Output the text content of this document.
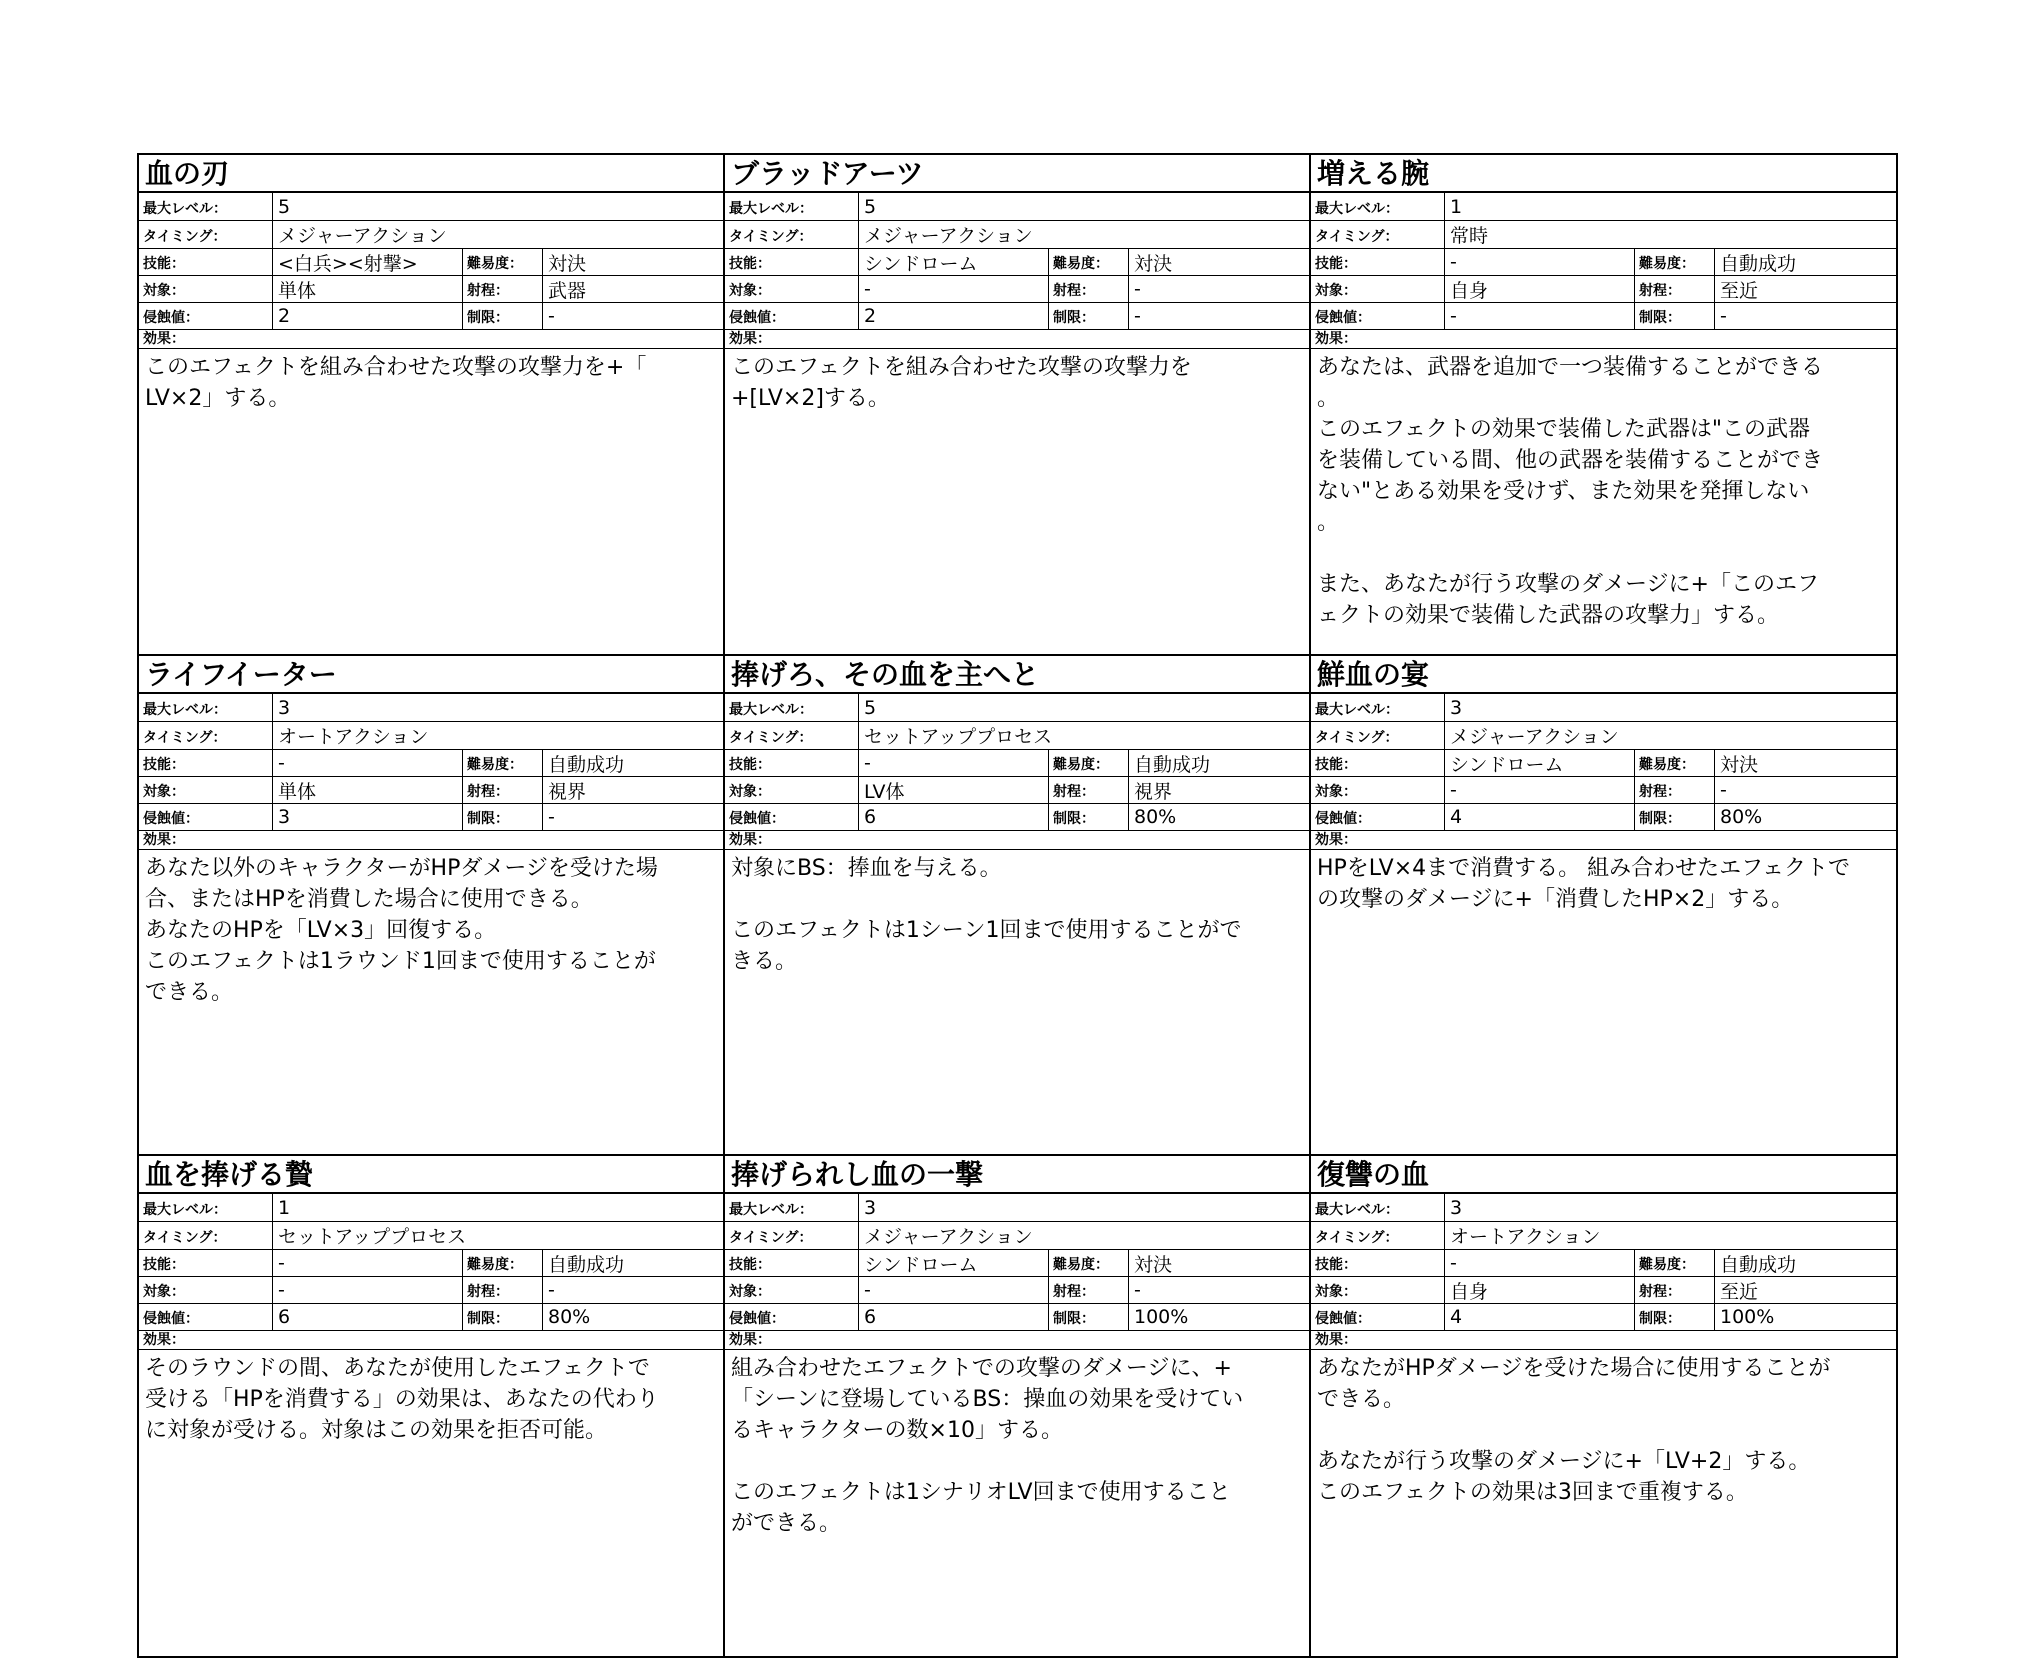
血の刃
最大レベル：	5
タイミング：	メジャーアクション
技能：	<白兵><射撃>	難易度：	対決
対象：	単体	射程：	武器
侵蝕値：	2	制限：	-
効果：

このエフェクトを組み合わせた攻撃の攻撃力を+「

LV×2」する。

ブラッドアーツ
最大レベル：	5
タイミング：	メジャーアクション
技能：	シンドローム	難易度：	対決
対象：	-	射程：	-
侵蝕値：	2	制限：	-
効果：

このエフェクトを組み合わせた攻撃の攻撃力を

+[LV×2]する。

増える腕
最大レベル：	1
タイミング：	常時
技能：	-	難易度：	自動成功
対象：	自身	射程：	至近
侵蝕値：	-	制限：	-
効果：

あなたは、武器を追加で一つ装備することができる

。

このエフェクトの効果で装備した武器は"この武器

を装備している間、他の武器を装備することができ

ない"とある効果を受けず、また効果を発揮しない

。

また、あなたが行う攻撃のダメージに+「このエフ

ェクトの効果で装備した武器の攻撃力」する。

ライフイーター
最大レベル：	3
タイミング：	オートアクション
技能：	-	難易度：	自動成功
対象：	単体	射程：	視界
侵蝕値：	3	制限：	-
効果：

あなた以外のキャラクターがHPダメージを受けた場

合、またはHPを消費した場合に使用できる。

あなたのHPを「LV×3」回復する。

このエフェクトは1ラウンド1回まで使用することが

できる。

捧げろ、その血を主へと
最大レベル：	5
タイミング：	セットアッププロセス
技能：	-	難易度：	自動成功
対象：	LV体	射程：	視界
侵蝕値：	6	制限：	80%
効果：

対象にBS：捧血を与える。

このエフェクトは1シーン1回まで使用することがで

きる。

鮮血の宴
最大レベル：	3
タイミング：	メジャーアクション
技能：	シンドローム	難易度：	対決
対象：	-	射程：	-
侵蝕値：	4	制限：	80%
効果：

HPをLV×4まで消費する。 組み合わせたエフェクトで

の攻撃のダメージに+「消費したHP×2」する。

血を捧げる贄
最大レベル：	1
タイミング：	セットアッププロセス
技能：	-	難易度：	自動成功
対象：	-	射程：	-
侵蝕値：	6	制限：	80%
効果：

そのラウンドの間、あなたが使用したエフェクトで

受ける「HPを消費する」の効果は、あなたの代わり

に対象が受ける。対象はこの効果を拒否可能。

捧げられし血の一撃
最大レベル：	3
タイミング：	メジャーアクション
技能：	シンドローム	難易度：	対決
対象：	-	射程：	-
侵蝕値：	6	制限：	100%
効果：

組み合わせたエフェクトでの攻撃のダメージに、+

「シーンに登場しているBS：操血の効果を受けてい

るキャラクターの数×10」する。

このエフェクトは1シナリオLV回まで使用すること

ができる。

復讐の血
最大レベル：	3
タイミング：	オートアクション
技能：	-	難易度：	自動成功
対象：	自身	射程：	至近
侵蝕値：	4	制限：	100%
効果：

あなたがHPダメージを受けた場合に使用することが

できる。

あなたが行う攻撃のダメージに+「LV+2」する。

このエフェクトの効果は3回まで重複する。
